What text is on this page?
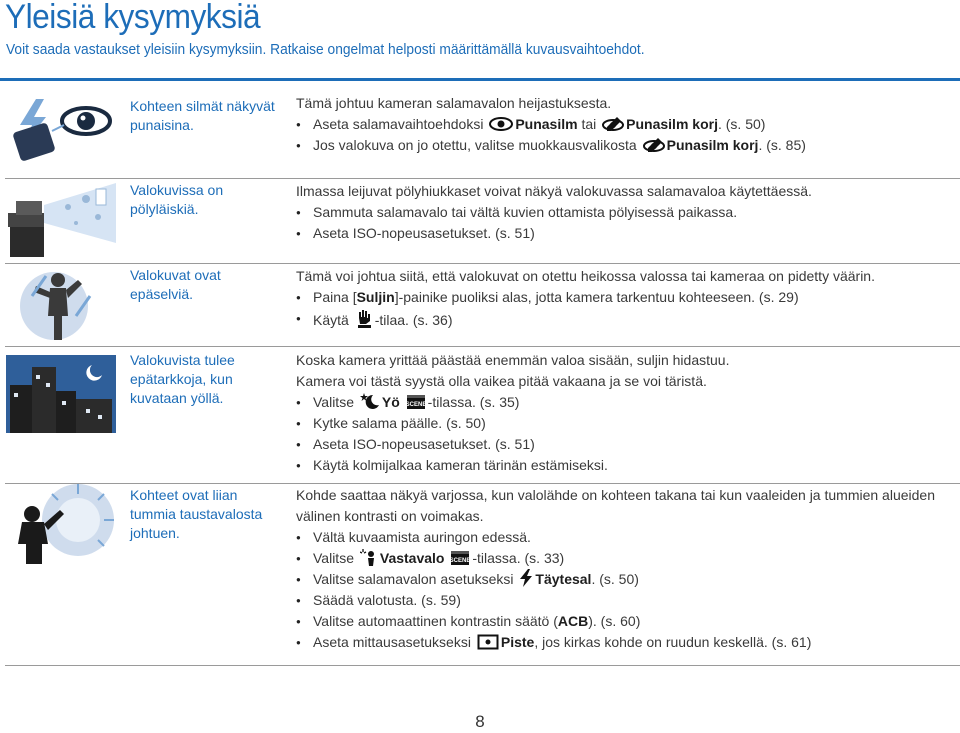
Yleisiä kysymyksiä
Voit saada vastaukset yleisiin kysymyksiin. Ratkaise ongelmat helposti määrittämällä kuvausvaihtoehdot.
Kohteen silmät näkyvät punaisina.
Tämä johtuu kameran salamavalon heijastuksesta.
● Aseta salamavaihtoehdoksi Punasilm tai Punasilm korj. (s. 50)
● Jos valokuva on jo otettu, valitse muokkausvalikosta Punasilm korj. (s. 85)
Valokuvissa on pölyläiskiä.
Ilmassa leijuvat pölyhiukkaset voivat näkyä valokuvassa salamavaloa käytettäessä.
● Sammuta salamavalo tai vältä kuvien ottamista pölyisessä paikassa.
● Aseta ISO-nopeusasetukset. (s. 51)
Valokuvat ovat epäselviä.
Tämä voi johtua siitä, että valokuvat on otettu heikossa valossa tai kameraa on pidetty väärin.
● Paina [Suljin]-painike puoliksi alas, jotta kamera tarkentuu kohteeseen. (s. 29)
● Käytä -tilaa. (s. 36)
Valokuvista tulee epätarkkoja, kun kuvataan yöllä.
Koska kamera yrittää päästää enemmän valoa sisään, suljin hidastuu.
Kamera voi tästä syystä olla vaikea pitää vakaana ja se voi täristä.
● Valitse Yö SCENE -tilassa. (s. 35)
● Kytke salama päälle. (s. 50)
● Aseta ISO-nopeusasetukset. (s. 51)
● Käytä kolmijalkaa kameran tärinän estämiseksi.
Kohteet ovat liian tummia taustavalosta johtuen.
Kohde saattaa näkyä varjossa, kun valolähde on kohteen takana tai kun vaaleiden ja tummien alueiden välinen kontrasti on voimakas.
● Vältä kuvaamista auringon edessä.
● Valitse Vastavalo SCENE -tilassa. (s. 33)
● Valitse salamavalon asetukseksi Täytesal. (s. 50)
● Säädä valotusta. (s. 59)
● Valitse automaattinen kontrastin säätö (ACB). (s. 60)
● Aseta mittausasetukseksi Piste, jos kirkas kohde on ruudun keskellä. (s. 61)
8
